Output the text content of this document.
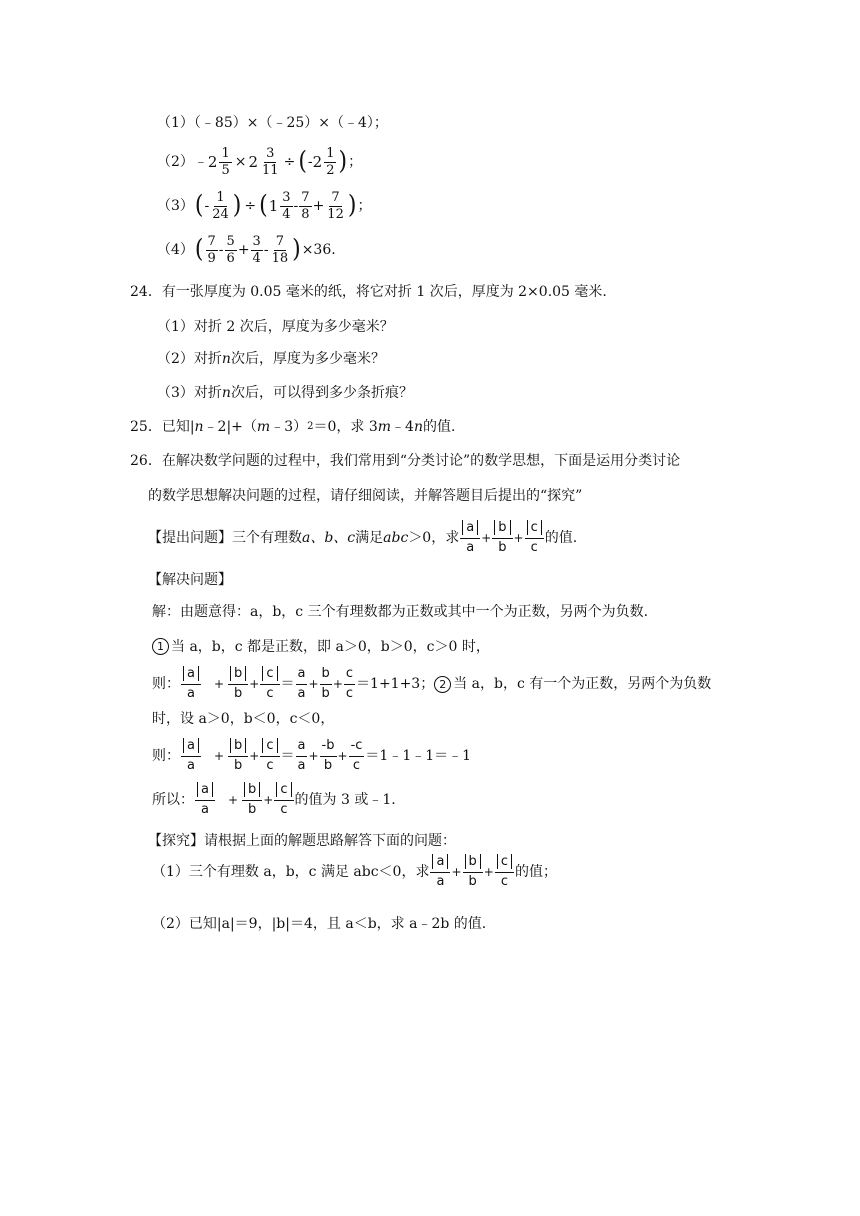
（1）（﹣85）×（﹣25）×（﹣4）；
（2） ﹣ $2 \frac{1}{5} \times 2 \frac{3}{11}$ ÷ ( - $2 \frac{1}{2}$ ) ；
（3） ( - $\frac{1}{24}$ ) ÷ ( $1 \frac{3}{4} - \frac{7}{8} + \frac{7}{12}$ ) ；
（4） ( $\frac{7}{9} - \frac{5}{6} + \frac{3}{4} - \frac{7}{18}$ ) ×36.
24．有一张厚度为 0.05 毫米的纸，将它对折 1 次后，厚度为 2×0.05 毫米.
（1）对折 2 次后，厚度为多少毫米？
（2）对折 n 次后，厚度为多少毫米？
（3）对折 n 次后，可以得到多少条折痕？
25．已知| n ﹣2|+（ m ﹣3） 2 ＝0，求 3 m ﹣4 n 的值.
26．在解决数学问题的过程中，我们常用到“分类讨论”的数学思想，下面是运用分类讨论
的数学思想解决问题的过程，请仔细阅读，并解答题目后提出的“探究”
【提出问题】三个有理数 a、b、c 满足 abc ＞0，求
a
a
+ $\frac{b}{b} + \frac{c}{c}$ 的值.
【解决问题】
解：由题意得：a，b，c 三个有理数都为正数或其中一个为正数，另两个为负数.
1 当 a，b，c 都是正数，即 a＞0，b＞0，c＞0 时，
则：
a
a
+ $\frac{b}{b} + \frac{c}{c}$ ＝
a
a
+ $\frac{b}{b} + \frac{c}{c} =1+1+3$； 2 当 a，b，c 有一个为正数，另两个为负数
时，设 a＞0，b＜0，c＜0，
则：
a
a
+ $\frac{b}{b} + \frac{c}{c}$ ＝
a
a
+ $\frac{-b}{b} + \frac{-c}{c}$ ＝1﹣1﹣1＝﹣1
所以：
a
a
+ $\frac{b}{b} + \frac{c}{c}$ 的值为 3 或﹣1.
【探究】请根据上面的解题思路解答下面的问题：
（1）三个有理数 a，b，c 满足 abc＜0，求
a
a
+ $\frac{b}{b} + \frac{c}{c}$ 的值；
（2）已知|a|＝9，|b|＝4，且 a＜b，求 a﹣2b 的值.
